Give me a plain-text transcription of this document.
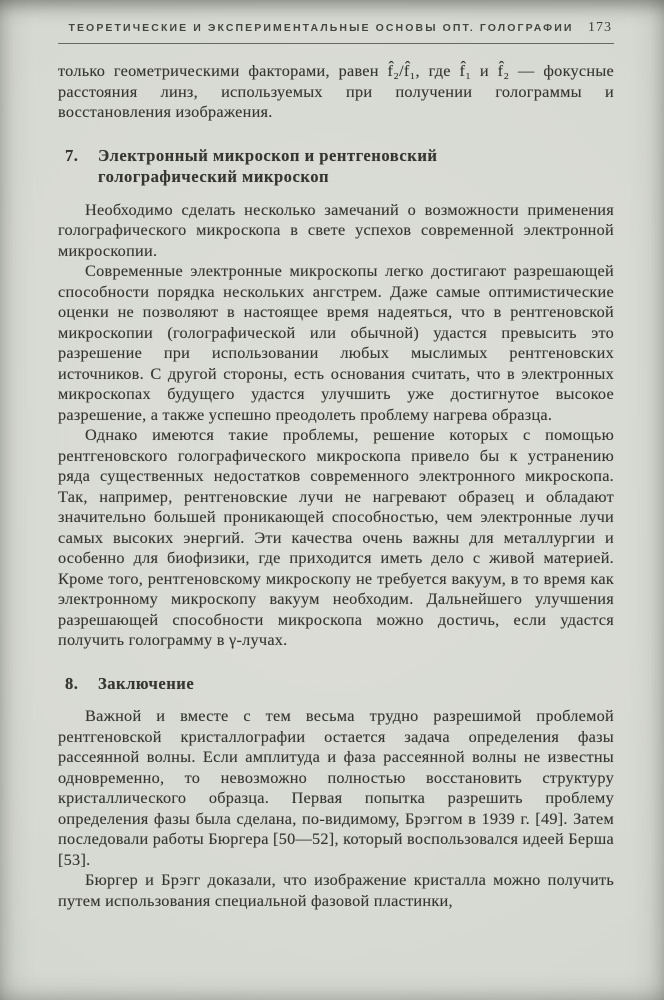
ТЕОРЕТИЧЕСКИЕ И ЭКСПЕРИМЕНТАЛЬНЫЕ ОСНОВЫ ОПТ. ГОЛОГРАФИИ	173

только геометрическими факторами, равен f̂₂/f̂₁, где f̂₁ и f̂₂ — фокусные расстояния линз, используемых при получении голограммы и восстановления изображения.

7.	Электронный микроскоп и рентгеновский голографический микроскоп

Необходимо сделать несколько замечаний о возможности применения голографического микроскопа в свете успехов современной электронной микроскопии.

Современные электронные микроскопы легко достигают разрешающей способности порядка нескольких ангстрем. Даже самые оптимистические оценки не позволяют в настоящее время надеяться, что в рентгеновской микроскопии (голографической или обычной) удастся превысить это разрешение при использовании любых мыслимых рентгеновских источников. С другой стороны, есть основания считать, что в электронных микроскопах будущего удастся улучшить уже достигнутое высокое разрешение, а также успешно преодолеть проблему нагрева образца.

Однако имеются такие проблемы, решение которых с помощью рентгеновского голографического микроскопа привело бы к устранению ряда существенных недостатков современного электронного микроскопа. Так, например, рентгеновские лучи не нагревают образец и обладают значительно большей проникающей способностью, чем электронные лучи самых высоких энергий. Эти качества очень важны для металлургии и особенно для биофизики, где приходится иметь дело с живой материей. Кроме того, рентгеновскому микроскопу не требуется вакуум, в то время как электронному микроскопу вакуум необходим. Дальнейшего улучшения разрешающей способности микроскопа можно достичь, если удастся получить голограмму в γ-лучах.

8.	Заключение

Важной и вместе с тем весьма трудно разрешимой проблемой рентгеновской кристаллографии остается задача определения фазы рассеянной волны. Если амплитуда и фаза рассеянной волны не известны одновременно, то невозможно полностью восстановить структуру кристаллического образца. Первая попытка разрешить проблему определения фазы была сделана, по-видимому, Брэггом в 1939 г. [49]. Затем последовали работы Бюргера [50—52], который воспользовался идеей Берша [53].

Бюргер и Брэгг доказали, что изображение кристалла можно получить путем использования специальной фазовой пластинки,
